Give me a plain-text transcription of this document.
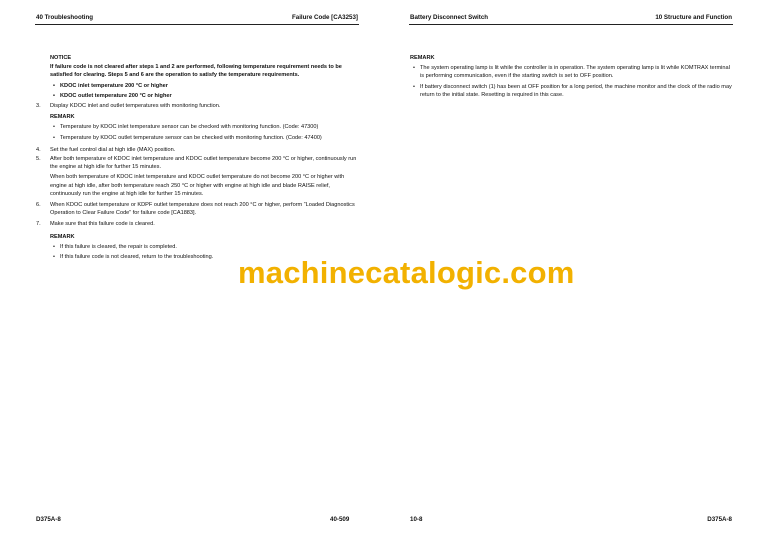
40 Troubleshooting	Failure Code [CA3253]

NOTICE

If failure code is not cleared after steps 1 and 2 are performed, following temperature requirement needs to be satisfied for clearing. Steps 5 and 6 are the operation to satisfy the temperature requirements.

• KDOC inlet temperature 200 °C or higher

• KDOC outlet temperature 200 °C or higher

3. Display KDOC inlet and outlet temperatures with monitoring function.

REMARK

• Temperature by KDOC inlet temperature sensor can be checked with monitoring function. (Code: 47300)

• Temperature by KDOC outlet temperature sensor can be checked with monitoring function. (Code: 47400)

4. Set the fuel control dial at high idle (MAX) position.

5. After both temperature of KDOC inlet temperature and KDOC outlet temperature become 200 °C or higher, continuously run the engine at high idle for further 15 minutes.

When both temperature of KDOC inlet temperature and KDOC outlet temperature do not become 200 °C or higher with engine at high idle, after both temperature reach 250 °C or higher with engine at high idle and blade RAISE relief, continuously run the engine at high idle for further 15 minutes.

6. When KDOC outlet temperature or KDPF outlet temperature does not reach 200 °C or higher, perform “Loaded Diagnostics Operation to Clear Failure Code” for failure code [CA1883].

7. Make sure that this failure code is cleared.

REMARK

• If this failure is cleared, the repair is completed.

• If this failure code is not cleared, return to the troubleshooting.

D375A-8	40-509
Battery Disconnect Switch	10 Structure and Function

REMARK

• The system operating lamp is lit while the controller is in operation. The system operating lamp is lit while KOMTRAX terminal is performing communication, even if the starting switch is set to OFF position.

• If battery disconnect switch (1) has been at OFF position for a long period, the machine monitor and the clock of the radio may return to the initial state. Resetting is required in this case.

10-8	D375A-8
machinecatalogic.com
